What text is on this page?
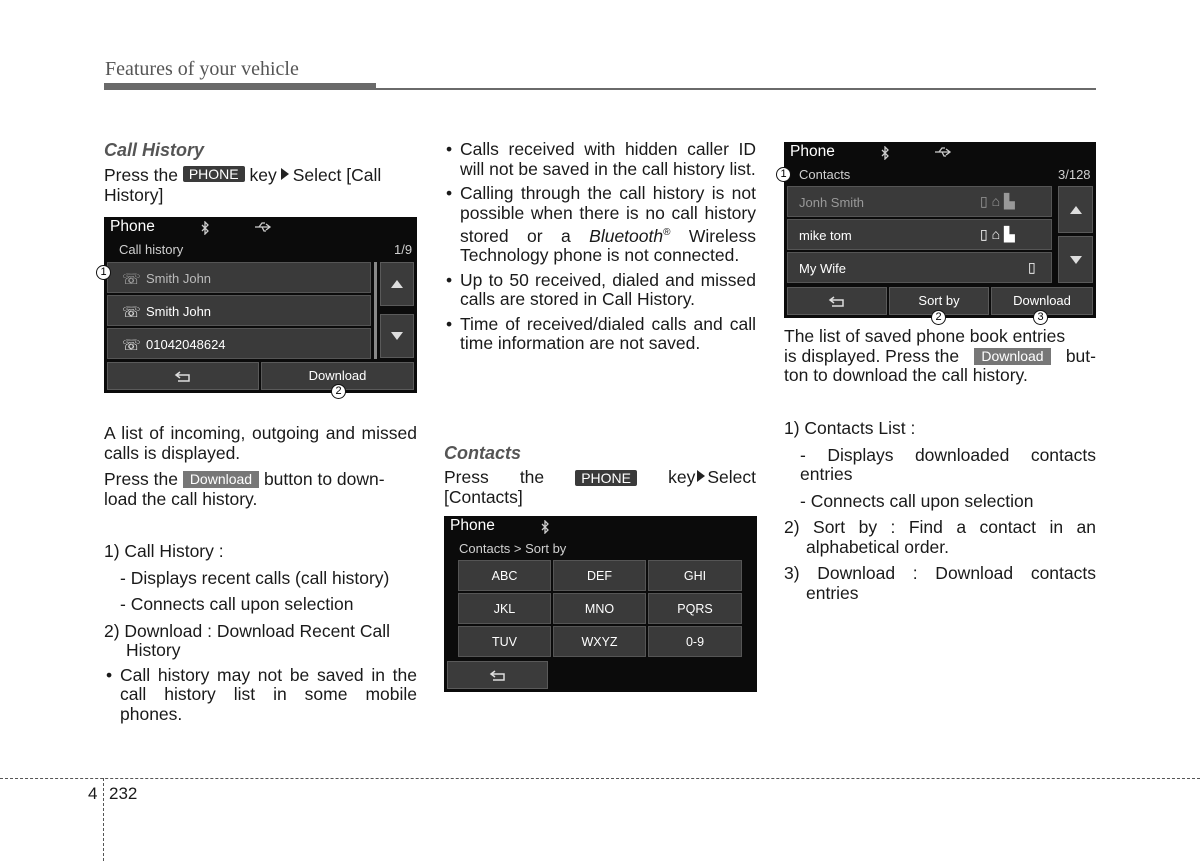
Features of your vehicle
Call History
Press the PHONE key Select [Call
History]
Phone
Call history	1/9
☏ Smith John
☏ Smith John
☏ 01042048624
Download
1
2
A list of incoming, outgoing and missed calls is displayed.
Press the Download button to down-
load the call history.
1) Call History :
- Displays recent calls (call history)
- Connects call upon selection
2) Download : Download Recent Call
History
• Call history may not be saved in the call history list in some mobile phones.
• Calls received with hidden caller ID will not be saved in the call history list.
• Calling through the call history is not possible when there is no call history stored or a Bluetooth® Wireless Technology phone is not connected.
• Up to 50 received, dialed and missed calls are stored in Call History.
• Time of received/dialed calls and call time information are not saved.
Contacts
Press the	PHONE	key Select
[Contacts]
Phone
Contacts > Sort by
ABC	DEF	GHI
JKL	MNO	PQRS
TUV	WXYZ	0-9
Phone
Contacts	3/128
Jonh Smith	▯ ⌂ ▙
mike tom	▯ ⌂ ▙
My Wife	▯
Sort by	Download
1
2	3
The list of saved phone book entries
is displayed. Press the	Download	but-
ton to download the call history.
1) Contacts List :
- Displays downloaded contacts entries
- Connects call upon selection
2) Sort by : Find a contact in an alphabetical order.
3) Download : Download contacts entries
4 232
